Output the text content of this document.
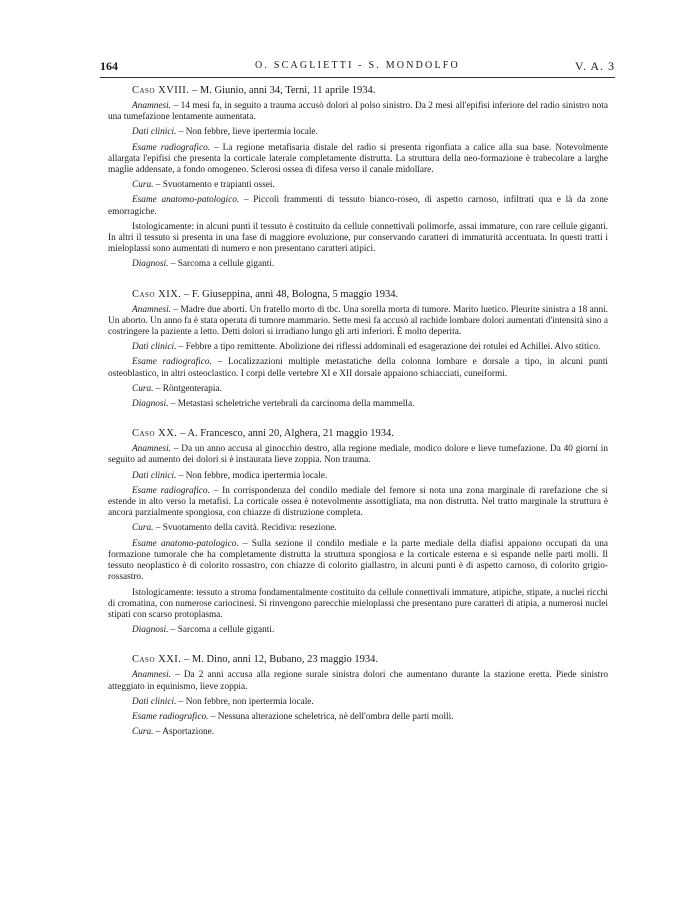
164	O. SCAGLIETTI - S. MONDOLFO	V. A. 3

Caso XVIII. – M. Giunio, anni 34, Terni, 11 aprile 1934.

Anamnesi. – 14 mesi fa, in seguito a trauma accusò dolori al polso sinistro. Da 2 mesi all'epifisi inferiore del radio sinistro nota una tumefazione lentamente aumentata.

Dati clinici. – Non febbre, lieve ipertermia locale.

Esame radiografico. – La regione metafisaria distale del radio si presenta rigonfiata a calice alla sua base. Notevolmente allargata l'epifisi che presenta la corticale laterale completamente distrutta. La struttura della neo-formazione è trabecolare a larghe maglie addensate, a fondo omogeneo. Sclerosi ossea di difesa verso il canale midollare.

Cura. – Svuotamento e trapianti ossei.

Esame anatomo-patologico. – Piccoli frammenti di tessuto bianco-roseo, di aspetto carnoso, infiltrati qua e là da zone emorragiche.

Istologicamente: in alcuni punti il tessuto è costituito da cellule connettivali polimorfe, assai immature, con rare cellule giganti. In altri il tessuto si presenta in una fase di maggiore evoluzione, pur conservando caratteri di immaturità accentuata. In questi tratti i mieloplassi sono aumentati di numero e non presentano caratteri atipici.

Diagnosi. – Sarcoma a cellule giganti.

Caso XIX. – F. Giuseppina, anni 48, Bologna, 5 maggio 1934.

Anamnesi. – Madre due aborti. Un fratello morto di tbc. Una sorella morta di tumore. Marito luetico. Pleurite sinistra a 18 anni. Un aborto. Un anno fa è stata operata di tumore mammario. Sette mesi fa accusò al rachide lombare dolori aumentati d'intensità sino a costringere la paziente a letto. Detti dolori si irradiano lungo gli arti inferiori. È molto deperita.

Dati clinici. – Febbre a tipo remittente. Abolizione dei riflessi addominali ed esagerazione dei rotulei ed Achillei. Alvo stitico.

Esame radiografico. – Localizzazioni multiple metastatiche della colonna lombare e dorsale a tipo, in alcuni punti osteoblastico, in altri osteoclastico. I corpi delle vertebre XI e XII dorsale appaiono schiacciati, cuneiformi.

Cura. – Röntgenterapia.

Diagnosi. – Metastasi scheletriche vertebrali da carcinoma della mammella.

Caso XX. – A. Francesco, anni 20, Alghera, 21 maggio 1934.

Anamnesi. – Da un anno accusa al ginocchio destro, alla regione mediale, modico dolore e lieve tumefazione. Da 40 giorni in seguito ad aumento dei dolori si è instaurata lieve zoppia. Non trauma.

Dati clinici. – Non febbre, modica ipertermia locale.

Esame radiografico. – In corrispondenza del condilo mediale del femore si nota una zona marginale di rarefazione che si estende in alto verso la metafisi. La corticale ossea è notevolmente assottigliata, ma non distrutta. Nel tratto marginale la struttura è ancora parzialmente spongiosa, con chiazze di distruzione completa.

Cura. – Svuotamento della cavità. Recidiva: resezione.

Esame anatomo-patologico. – Sulla sezione il condilo mediale e la parte mediale della diafisi appaiono occupati da una formazione tumorale che ha completamente distrutta la struttura spongiosa e la corticale esterna e si espande nelle parti molli. Il tessuto neoplastico è di colorito rossastro, con chiazze di colorito giallastro, in alcuni punti è di aspetto carnoso, di colorito grigio-rossastro.

Istologicamente: tessuto a stroma fondamentalmente costituito da cellule connettivali immature, atipiche, stipate, a nuclei ricchi di cromatina, con numerose cariocinesi. Si rinvengono parecchie mieloplassi che presentano pure caratteri di atipia, a numerosi nuclei stipati con scarso protoplasma.

Diagnosi. – Sarcoma a cellule giganti.

Caso XXI. – M. Dino, anni 12, Bubano, 23 maggio 1934.

Anamnesi. – Da 2 anni accusa alla regione surale sinistra dolori che aumentano durante la stazione eretta. Piede sinistro atteggiato in equinismo, lieve zoppia.

Dati clinici. – Non febbre, non ipertermia locale.

Esame radiografico. – Nessuna alterazione scheletrica, nè dell'ombra delle parti molli.

Cura. – Asportazione.
